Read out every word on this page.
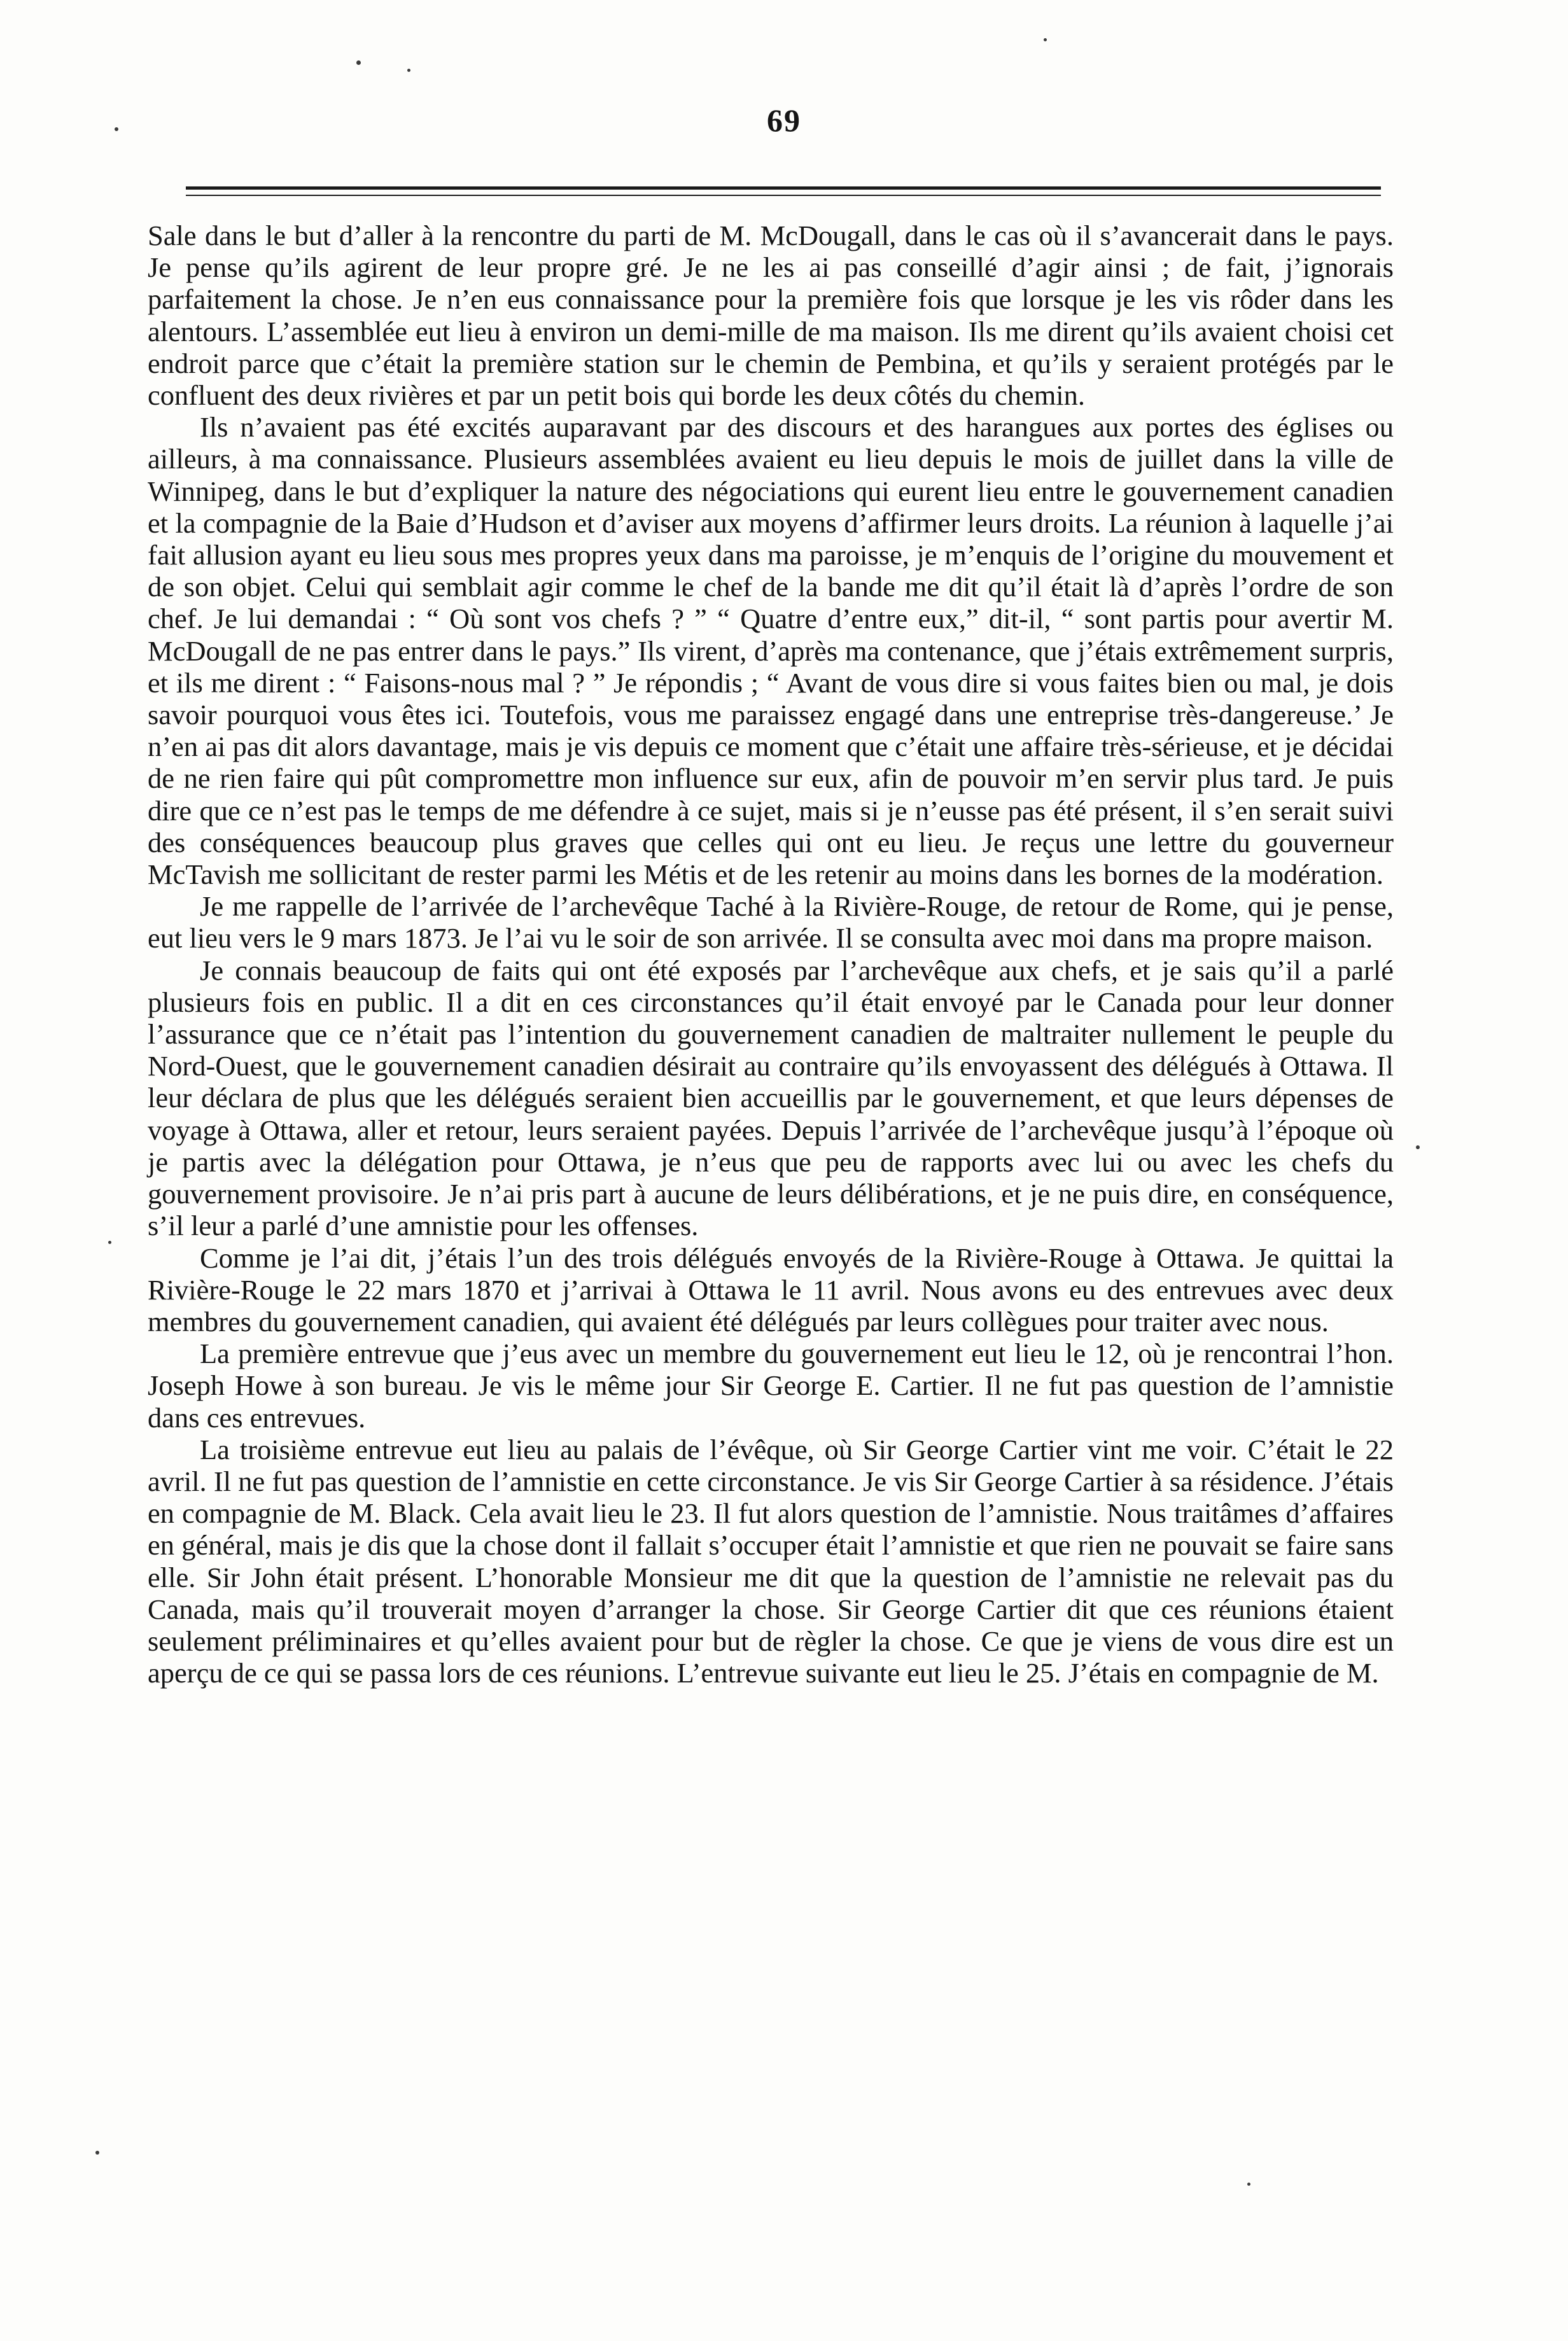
69

Sale dans le but d’aller à la rencontre du parti de M. McDougall, dans le cas où il s’avancerait dans le pays. Je pense qu’ils agirent de leur propre gré. Je ne les ai pas conseillé d’agir ainsi ; de fait, j’ignorais parfaitement la chose. Je n’en eus connaissance pour la première fois que lorsque je les vis rôder dans les alentours. L’assemblée eut lieu à environ un demi-mille de ma maison. Ils me dirent qu’ils avaient choisi cet endroit parce que c’était la première station sur le chemin de Pembina, et qu’ils y seraient protégés par le confluent des deux rivières et par un petit bois qui borde les deux côtés du chemin.

Ils n’avaient pas été excités auparavant par des discours et des harangues aux portes des églises ou ailleurs, à ma connaissance. Plusieurs assemblées avaient eu lieu depuis le mois de juillet dans la ville de Winnipeg, dans le but d’expliquer la nature des négociations qui eurent lieu entre le gouvernement canadien et la compagnie de la Baie d’Hudson et d’aviser aux moyens d’affirmer leurs droits. La réunion à laquelle j’ai fait allusion ayant eu lieu sous mes propres yeux dans ma paroisse, je m’enquis de l’origine du mouvement et de son objet. Celui qui semblait agir comme le chef de la bande me dit qu’il était là d’après l’ordre de son chef. Je lui demandai : “ Où sont vos chefs ? ” “ Quatre d’entre eux,” dit-il, “ sont partis pour avertir M. McDougall de ne pas entrer dans le pays.” Ils virent, d’après ma contenance, que j’étais extrêmement surpris, et ils me dirent : “ Faisons-nous mal ? ” Je répondis ; “ Avant de vous dire si vous faites bien ou mal, je dois savoir pourquoi vous êtes ici. Toutefois, vous me paraissez engagé dans une entreprise très-dangereuse.’ Je n’en ai pas dit alors davantage, mais je vis depuis ce moment que c’était une affaire très-sérieuse, et je décidai de ne rien faire qui pût compromettre mon influence sur eux, afin de pouvoir m’en servir plus tard. Je puis dire que ce n’est pas le temps de me défendre à ce sujet, mais si je n’eusse pas été présent, il s’en serait suivi des conséquences beaucoup plus graves que celles qui ont eu lieu. Je reçus une lettre du gouverneur McTavish me sollicitant de rester parmi les Métis et de les retenir au moins dans les bornes de la modération.

Je me rappelle de l’arrivée de l’archevêque Taché à la Rivière-Rouge, de retour de Rome, qui je pense, eut lieu vers le 9 mars 1873. Je l’ai vu le soir de son arrivée. Il se consulta avec moi dans ma propre maison.

Je connais beaucoup de faits qui ont été exposés par l’archevêque aux chefs, et je sais qu’il a parlé plusieurs fois en public. Il a dit en ces circonstances qu’il était envoyé par le Canada pour leur donner l’assurance que ce n’était pas l’intention du gouvernement canadien de maltraiter nullement le peuple du Nord-Ouest, que le gouvernement canadien désirait au contraire qu’ils envoyassent des délégués à Ottawa. Il leur déclara de plus que les délégués seraient bien accueillis par le gouvernement, et que leurs dépenses de voyage à Ottawa, aller et retour, leurs seraient payées. Depuis l’arrivée de l’archevêque jusqu’à l’époque où je partis avec la délégation pour Ottawa, je n’eus que peu de rapports avec lui ou avec les chefs du gouvernement provisoire. Je n’ai pris part à aucune de leurs délibérations, et je ne puis dire, en conséquence, s’il leur a parlé d’une amnistie pour les offenses.

Comme je l’ai dit, j’étais l’un des trois délégués envoyés de la Rivière-Rouge à Ottawa. Je quittai la Rivière-Rouge le 22 mars 1870 et j’arrivai à Ottawa le 11 avril. Nous avons eu des entrevues avec deux membres du gouvernement canadien, qui avaient été délégués par leurs collègues pour traiter avec nous.

La première entrevue que j’eus avec un membre du gouvernement eut lieu le 12, où je rencontrai l’hon. Joseph Howe à son bureau. Je vis le même jour Sir George E. Cartier. Il ne fut pas question de l’amnistie dans ces entrevues.

La troisième entrevue eut lieu au palais de l’évêque, où Sir George Cartier vint me voir. C’était le 22 avril. Il ne fut pas question de l’amnistie en cette circonstance. Je vis Sir George Cartier à sa résidence. J’étais en compagnie de M. Black. Cela avait lieu le 23. Il fut alors question de l’amnistie. Nous traitâmes d’affaires en général, mais je dis que la chose dont il fallait s’occuper était l’amnistie et que rien ne pouvait se faire sans elle. Sir John était présent. L’honorable Monsieur me dit que la question de l’amnistie ne relevait pas du Canada, mais qu’il trouverait moyen d’arranger la chose. Sir George Cartier dit que ces réunions étaient seulement préliminaires et qu’elles avaient pour but de règler la chose. Ce que je viens de vous dire est un aperçu de ce qui se passa lors de ces réunions. L’entrevue suivante eut lieu le 25. J’étais en compagnie de M.
